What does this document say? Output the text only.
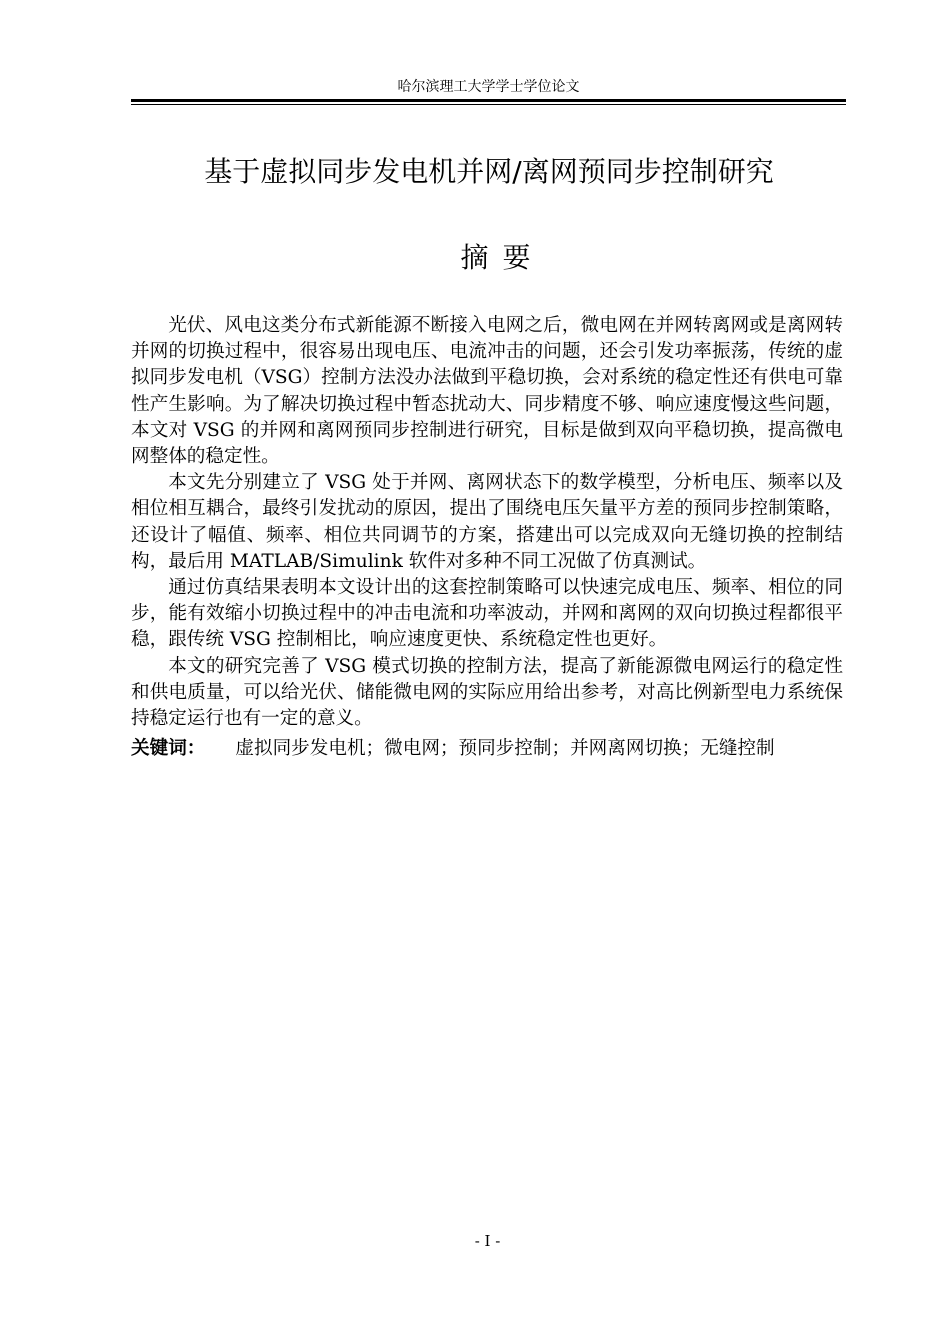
哈尔滨理工大学学士学位论文
基于虚拟同步发电机并网/离网预同步控制研究
摘要

光伏、风电这类分布式新能源不断接入电网之后，微电网在并网转离网或是离网转并网的切换过程中，很容易出现电压、电流冲击的问题，还会引发功率振荡，传统的虚拟同步发电机（VSG）控制方法没办法做到平稳切换，会对系统的稳定性还有供电可靠性产生影响。为了解决切换过程中暂态扰动大、同步精度不够、响应速度慢这些问题，本文对 VSG 的并网和离网预同步控制进行研究，目标是做到双向平稳切换，提高微电网整体的稳定性。

本文先分别建立了 VSG 处于并网、离网状态下的数学模型，分析电压、频率以及相位相互耦合，最终引发扰动的原因，提出了围绕电压矢量平方差的预同步控制策略，还设计了幅值、频率、相位共同调节的方案，搭建出可以完成双向无缝切换的控制结构，最后用 MATLAB/Simulink 软件对多种不同工况做了仿真测试。

通过仿真结果表明本文设计出的这套控制策略可以快速完成电压、频率、相位的同步，能有效缩小切换过程中的冲击电流和功率波动，并网和离网的双向切换过程都很平稳，跟传统 VSG 控制相比，响应速度更快、系统稳定性也更好。

本文的研究完善了 VSG 模式切换的控制方法，提高了新能源微电网运行的稳定性和供电质量，可以给光伏、储能微电网的实际应用给出参考，对高比例新型电力系统保持稳定运行也有一定的意义。

关键词： 虚拟同步发电机；微电网；预同步控制；并网离网切换；无缝控制

- I -
